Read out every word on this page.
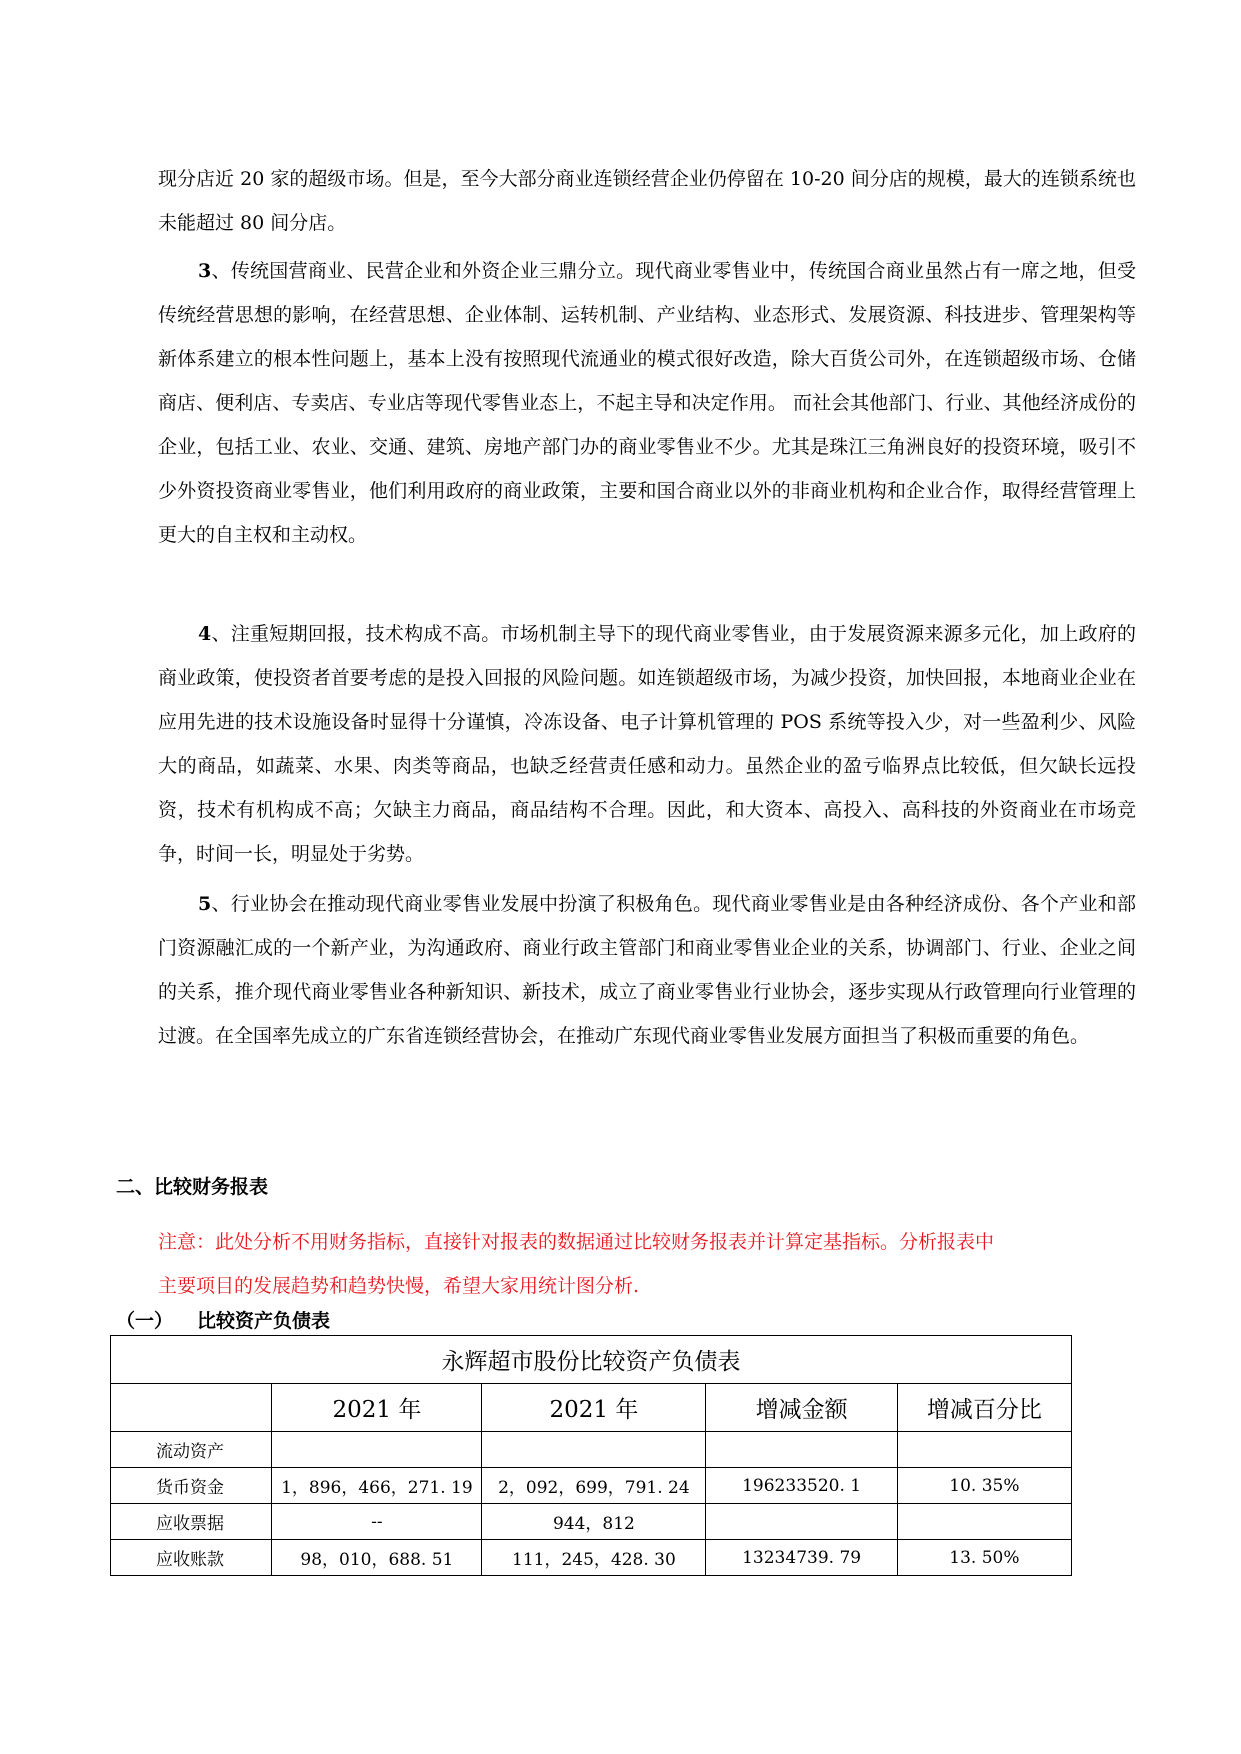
现分店近 20 家的超级市场。但是，至今大部分商业连锁经营企业仍停留在 10-20 间分店的规模，最大的连锁系统也未能超过 80 间分店。

3、传统国营商业、民营企业和外资企业三鼎分立。现代商业零售业中，传统国合商业虽然占有一席之地，但受传统经营思想的影响，在经营思想、企业体制、运转机制、产业结构、业态形式、发展资源、科技进步、管理架构等新体系建立的根本性问题上，基本上没有按照现代流通业的模式很好改造，除大百货公司外，在连锁超级市场、仓储商店、便利店、专卖店、专业店等现代零售业态上，不起主导和决定作用。 而社会其他部门、行业、其他经济成份的企业，包括工业、农业、交通、建筑、房地产部门办的商业零售业不少。尤其是珠江三角洲良好的投资环境，吸引不少外资投资商业零售业，他们利用政府的商业政策，主要和国合商业以外的非商业机构和企业合作，取得经营管理上更大的自主权和主动权。

4、注重短期回报，技术构成不高。市场机制主导下的现代商业零售业，由于发展资源来源多元化，加上政府的商业政策，使投资者首要考虑的是投入回报的风险问题。如连锁超级市场，为减少投资，加快回报，本地商业企业在应用先进的技术设施设备时显得十分谨慎，冷冻设备、电子计算机管理的 POS 系统等投入少，对一些盈利少、风险大的商品，如蔬菜、水果、肉类等商品，也缺乏经营责任感和动力。虽然企业的盈亏临界点比较低，但欠缺长远投资，技术有机构成不高；欠缺主力商品，商品结构不合理。因此，和大资本、高投入、高科技的外资商业在市场竞争，时间一长，明显处于劣势。

5、行业协会在推动现代商业零售业发展中扮演了积极角色。现代商业零售业是由各种经济成份、各个产业和部门资源融汇成的一个新产业，为沟通政府、商业行政主管部门和商业零售业企业的关系，协调部门、行业、企业之间的关系，推介现代商业零售业各种新知识、新技术，成立了商业零售业行业协会，逐步实现从行政管理向行业管理的过渡。在全国率先成立的广东省连锁经营协会，在推动广东现代商业零售业发展方面担当了积极而重要的角色。

二、比较财务报表

注意：此处分析不用财务指标，直接针对报表的数据通过比较财务报表并计算定基指标。分析报表中

主要项目的发展趋势和趋势快慢，希望大家用统计图分析.

（一） 比较资产负债表
永辉超市股份比较资产负债表				
	2021 年	2021 年	增减金额	增减百分比
流动资产				
货币资金	1，896，466，271. 19	2，092，699，791. 24	196233520. 1	10. 35%
应收票据	--	944，812		
应收账款	98，010，688. 51	111，245，428. 30	13234739. 79	13. 50%
